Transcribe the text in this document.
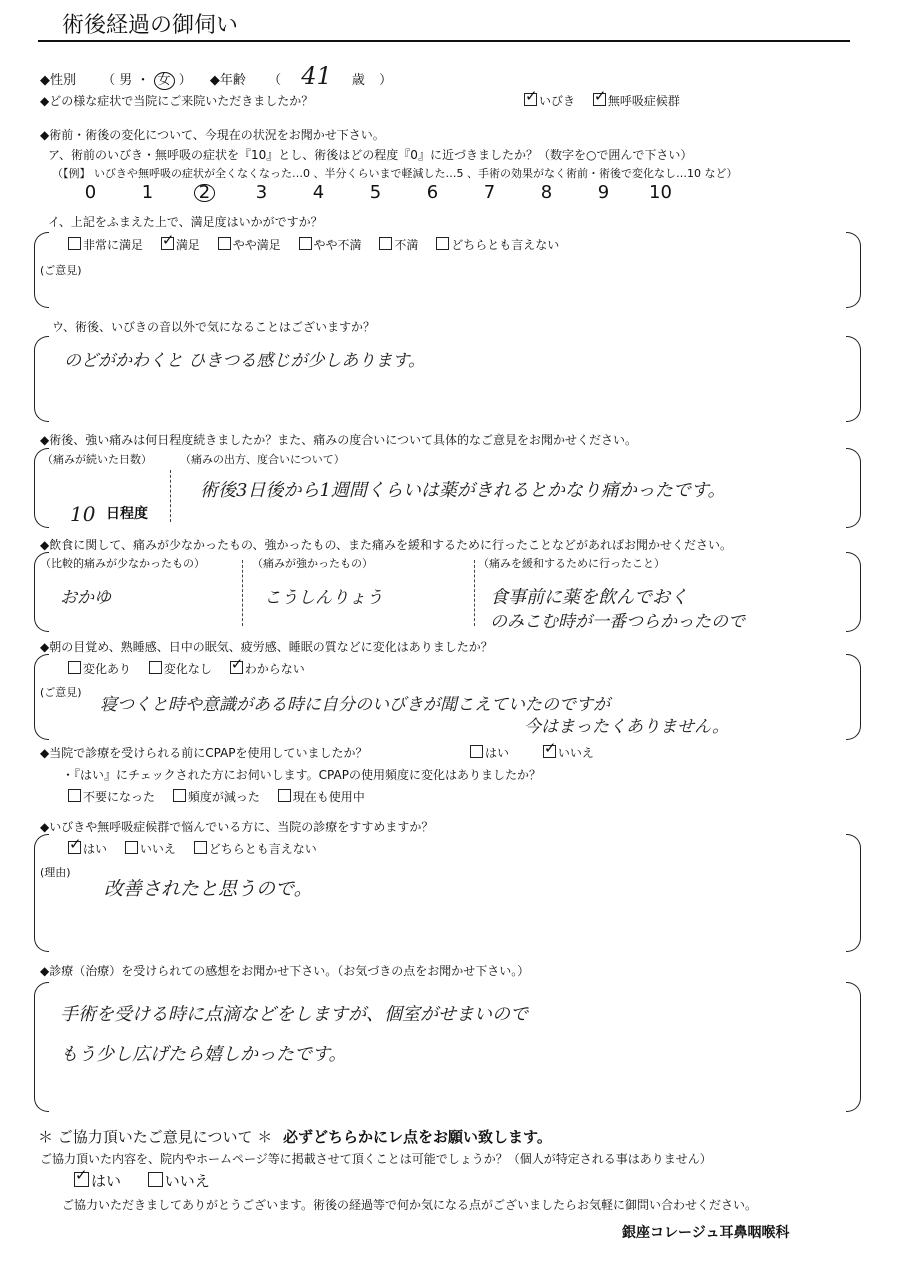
術後経過の御伺い
◆性別 （ 男 ・ 女 ） ◆年齢 （ 41 歳 ）
◆どの様な症状で当院にご来院いただきましたか？ ✓	いびき ✓	無呼吸症候群
◆術前・術後の変化について、今現在の状況をお聞かせ下さい。
ア、術前のいびき・無呼吸の症状を『10』とし、術後はどの程度『0』に近づきましたか？（数字を○で囲んで下さい）
（【例】 いびきや無呼吸の症状が全くなくなった…0 、半分くらいまで軽減した…5 、手術の効果がなく術前・術後で変化なし…10 など）
0	1	2	3	4	5	6	7	8	9 10
イ、上記をふまえた上で、満足度はいかがですか？
非常に満足 ✓	満足	やや満足	やや不満	不満	どちらとも言えない
(ご意見)
ウ、術後、いびきの音以外で気になることはございますか？
のどがかわくと ひきつる感じが少しあります。
◆術後、強い痛みは何日程度続きましたか？また、痛みの度合いについて具体的なご意見をお聞かせください。
（痛みが続いた日数）	（痛みの出方、度合いについて）
10 日程度
術後3日後から1週間くらいは薬がきれるとかなり痛かったです。
◆飲食に関して、痛みが少なかったもの、強かったもの、また痛みを緩和するために行ったことなどがあればお聞かせください。
（比較的痛みが少なかったもの）	（痛みが強かったもの）	（痛みを緩和するために行ったこと）
おかゆ	こうしんりょう	食事前に薬を飲んでおく
のみこむ時が一番つらかったので
◆朝の目覚め、熟睡感、日中の眠気、疲労感、睡眠の質などに変化はありましたか？
変化あり	変化なし ✓	わからない
(ご意見)
寝つくと時や意識がある時に自分のいびきが聞こえていたのですが
今はまったくありません。
◆当院で診療を受けられる前にCPAPを使用していましたか？	はい ✓	いいえ
・『はい』にチェックされた方にお伺いします。CPAPの使用頻度に変化はありましたか？
不要になった	頻度が減った	現在も使用中
◆いびきや無呼吸症候群で悩んでいる方に、当院の診療をすすめますか？
✓はい	いいえ	どちらとも言えない
(理由)
改善されたと思うので。
◆診療（治療）を受けられての感想をお聞かせ下さい。（お気づきの点をお聞かせ下さい。）
手術を受ける時に点滴などをしますが、個室がせまいので
もう少し広げたら嬉しかったです。
＊ ご協力頂いたご意見について ＊ 必ずどちらかにレ点をお願い致します。
ご協力頂いた内容を、院内やホームページ等に掲載させて頂くことは可能でしょうか？（個人が特定される事はありません）
✓はい	いいえ
ご協力いただきましてありがとうございます。術後の経過等で何か気になる点がございましたらお気軽に御問い合わせください。
銀座コレージュ耳鼻咽喉科
